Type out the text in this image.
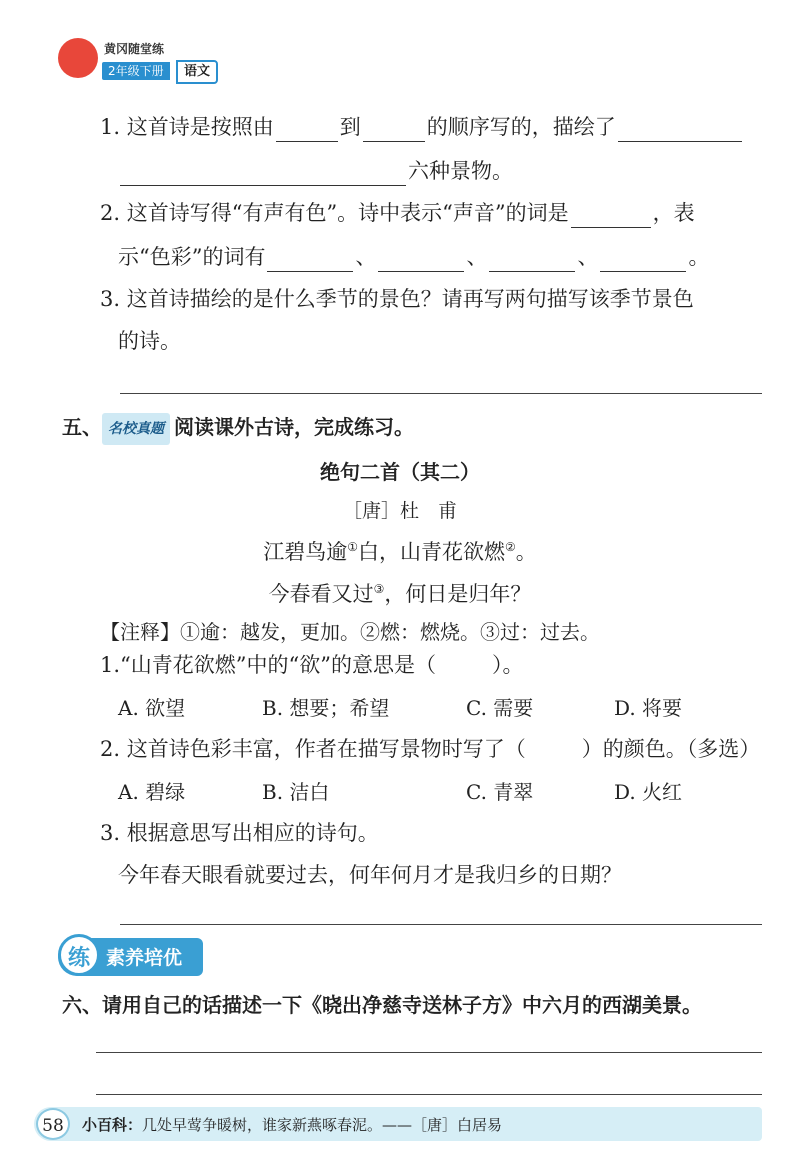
黄冈随堂练
2年级下册	语文
1. 这首诗是按照由	到	的顺序写的，描绘了
六种景物。
2. 这首诗写得“有声有色”。诗中表示“声音”的词是	，表
示“色彩”的词有	、	、	、	。
3. 这首诗描绘的是什么季节的景色？请再写两句描写该季节景色
的诗。
五、 名校真题 阅读课外古诗，完成练习。
绝句二首（其二）
［唐］杜　甫
江碧鸟逾①白，山青花欲燃②。
今春看又过③，何日是归年？
【注释】①逾：越发，更加。②燃：燃烧。③过：过去。
1.“山青花欲燃”中的“欲”的意思是（	）。
A. 欲望	B. 想要；希望	C. 需要	D. 将要
2. 这首诗色彩丰富，作者在描写景物时写了（	）的颜色。（多选）
A. 碧绿	B. 洁白	C. 青翠	D. 火红
3. 根据意思写出相应的诗句。
今年春天眼看就要过去，何年何月才是我归乡的日期？
练 素养培优
六、请用自己的话描述一下《晓出净慈寺送林子方》中六月的西湖美景。
58	小百科：几处早莺争暖树，谁家新燕啄春泥。——［唐］白居易
